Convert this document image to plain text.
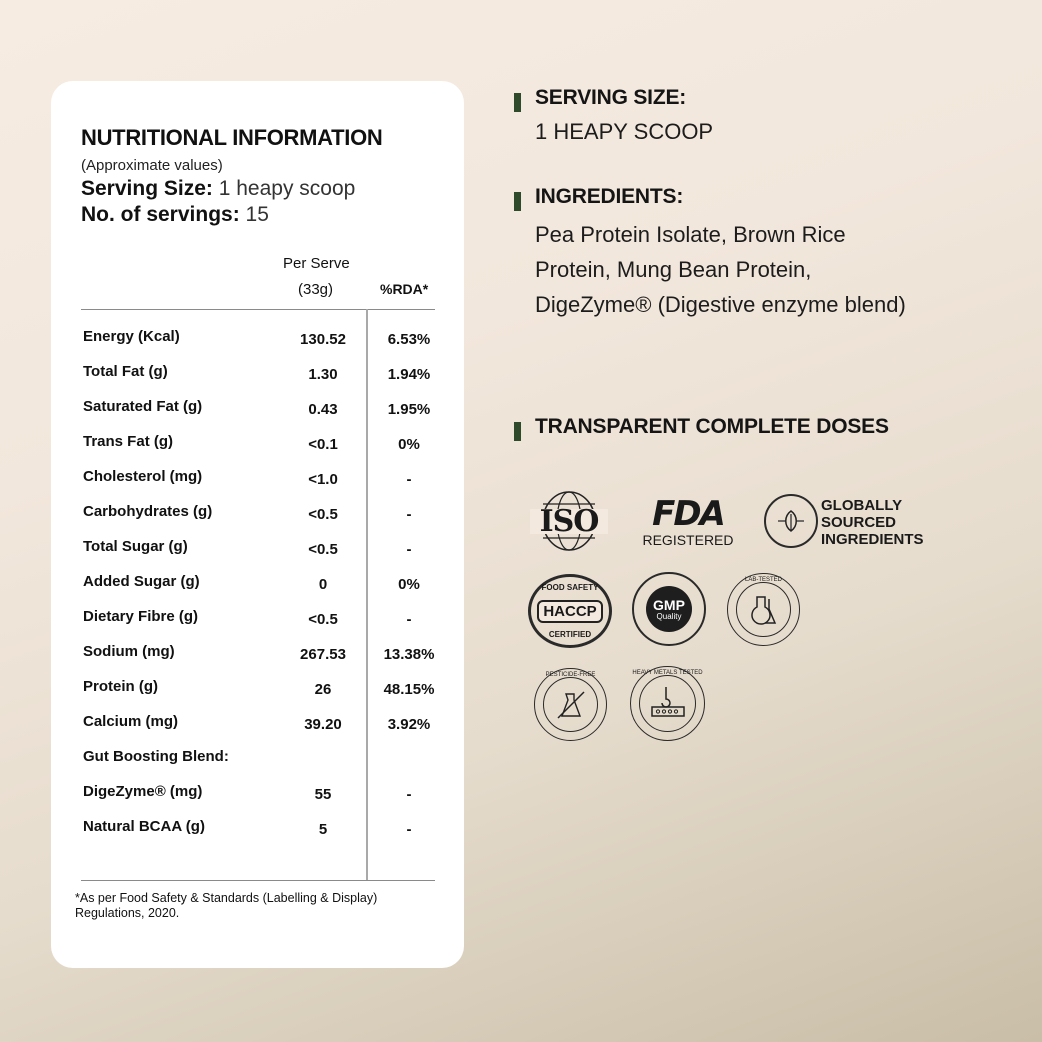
NUTRITIONAL INFORMATION
(Approximate values)
Serving Size: 1 heapy scoop
No. of servings: 15
Per Serve
(33g)	%RDA*
Energy (Kcal)	130.52	6.53%
Total Fat (g)	1.30	1.94%
Saturated Fat (g)	0.43	1.95%
Trans Fat (g)	<0.1	0%
Cholesterol (mg)	<1.0	-
Carbohydrates (g)	<0.5	-
Total Sugar (g)	<0.5	-
Added Sugar (g)	0	0%
Dietary Fibre (g)	<0.5	-
Sodium (mg)	267.53	13.38%
Protein (g)	26	48.15%
Calcium (mg)	39.20	3.92%
Gut Boosting Blend:
DigeZyme® (mg)	55	-
Natural BCAA (g)	5	-
*As per Food Safety & Standards (Labelling & Display) Regulations, 2020.
SERVING SIZE:
1 HEAPY SCOOP
INGREDIENTS:
Pea Protein Isolate, Brown Rice Protein, Mung Bean Protein, DigeZyme® (Digestive enzyme blend)
TRANSPARENT COMPLETE DOSES
ISO FDA
REGISTERED
GLOBALLY
SOURCED
INGREDIENTS
FOOD SAFETY
HACCP
CERTIFIED
GMP
Quality
LAB-TESTED
PESTICIDE-FREE	HEAVY METALS TESTED
